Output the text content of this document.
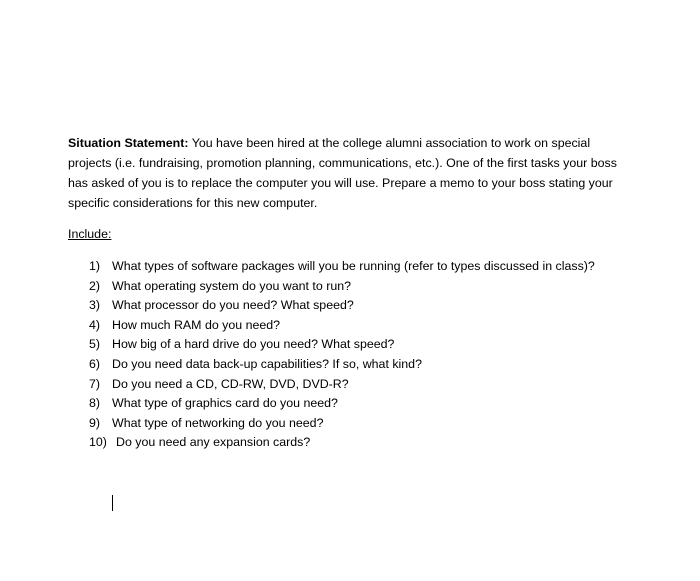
Situation Statement: You have been hired at the college alumni association to work on special projects (i.e. fundraising, promotion planning, communications, etc.). One of the first tasks your boss has asked of you is to replace the computer you will use. Prepare a memo to your boss stating your specific considerations for this new computer.

Include:

1) What types of software packages will you be running (refer to types discussed in class)?
2) What operating system do you want to run?
3) What processor do you need? What speed?
4) How much RAM do you need?
5) How big of a hard drive do you need? What speed?
6) Do you need data back-up capabilities? If so, what kind?
7) Do you need a CD, CD-RW, DVD, DVD-R?
8) What type of graphics card do you need?
9) What type of networking do you need?
10) Do you need any expansion cards?
